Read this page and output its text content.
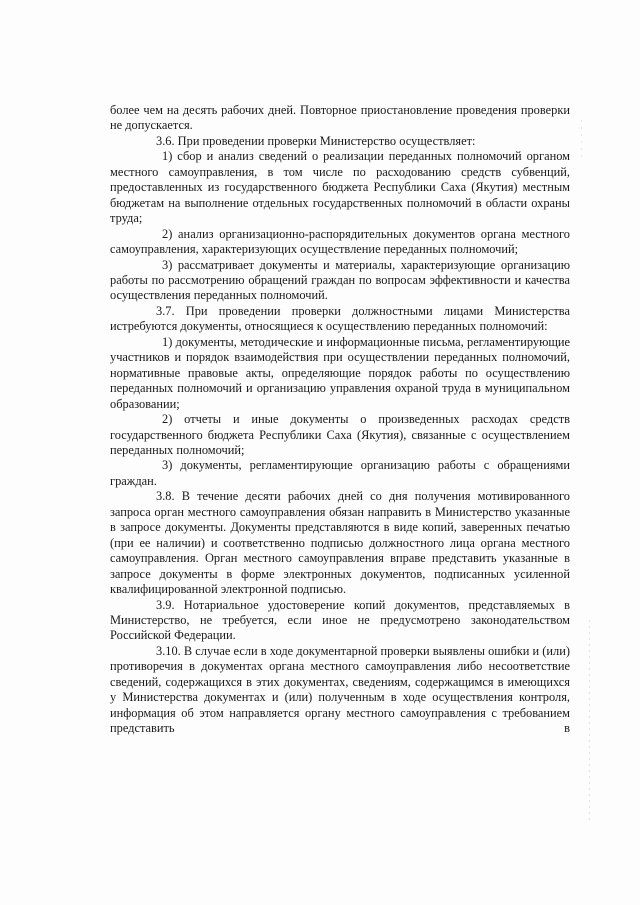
более чем на десять рабочих дней. Повторное приостановление проведения проверки не допускается.

3.6. При проведении проверки Министерство осуществляет:

1) сбор и анализ сведений о реализации переданных полномочий органом местного самоуправления, в том числе по расходованию средств субвенций, предоставленных из государственного бюджета Республики Саха (Якутия) местным бюджетам на выполнение отдельных государственных полномочий в области охраны труда;

2) анализ организационно-распорядительных документов органа местного самоуправления, характеризующих осуществление переданных полномочий;

3) рассматривает документы и материалы, характеризующие организацию работы по рассмотрению обращений граждан по вопросам эффективности и качества осуществления переданных полномочий.

3.7. При проведении проверки должностными лицами Министерства истребуются документы, относящиеся к осуществлению переданных полномочий:

1) документы, методические и информационные письма, регламентирующие участников и порядок взаимодействия при осуществлении переданных полномочий, нормативные правовые акты, определяющие порядок работы по осуществлению переданных полномочий и организацию управления охраной труда в муниципальном образовании;

2) отчеты и иные документы о произведенных расходах средств государственного бюджета Республики Саха (Якутия), связанные с осуществлением переданных полномочий;

3) документы, регламентирующие организацию работы с обращениями граждан.

3.8. В течение десяти рабочих дней со дня получения мотивированного запроса орган местного самоуправления обязан направить в Министерство указанные в запросе документы. Документы представляются в виде копий, заверенных печатью (при ее наличии) и соответственно подписью должностного лица органа местного самоуправления. Орган местного самоуправления вправе представить указанные в запросе документы в форме электронных документов, подписанных усиленной квалифицированной электронной подписью.

3.9. Нотариальное удостоверение копий документов, представляемых в Министерство, не требуется, если иное не предусмотрено законодательством Российской Федерации.

3.10. В случае если в ходе документарной проверки выявлены ошибки и (или) противоречия в документах органа местного самоуправления либо несоответствие сведений, содержащихся в этих документах, сведениям, содержащимся в имеющихся у Министерства документах и (или) полученным в ходе осуществления контроля, информация об этом направляется органу местного самоуправления с требованием представить в
